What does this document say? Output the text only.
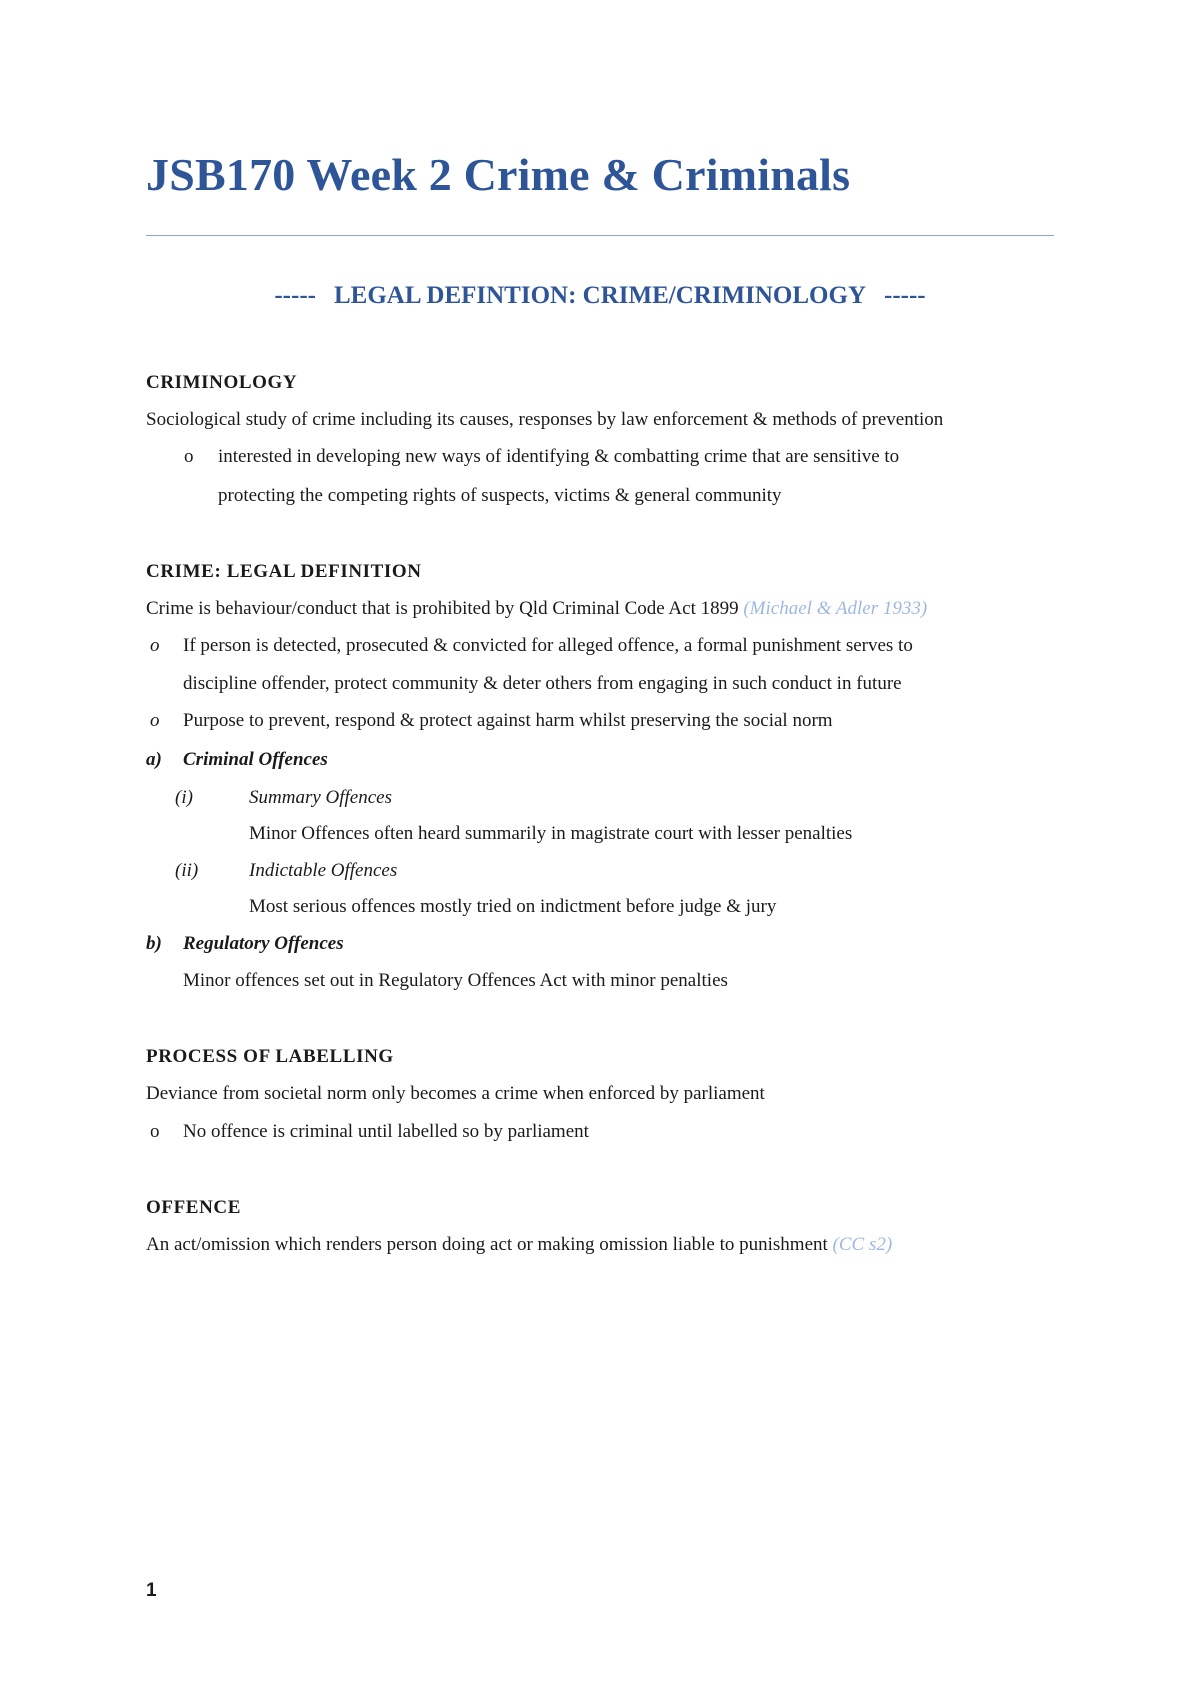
JSB170 Week 2 Crime & Criminals
----- LEGAL DEFINTION: CRIME/CRIMINOLOGY -----
CRIMINOLOGY
Sociological study of crime including its causes, responses by law enforcement & methods of prevention
o interested in developing new ways of identifying & combatting crime that are sensitive to
protecting the competing rights of suspects, victims & general community
CRIME: LEGAL DEFINITION
Crime is behaviour/conduct that is prohibited by Qld Criminal Code Act 1899 (Michael & Adler 1933)
o If person is detected, prosecuted & convicted for alleged offence, a formal punishment serves to
discipline offender, protect community & deter others from engaging in such conduct in future
o Purpose to prevent, respond & protect against harm whilst preserving the social norm
a) Criminal Offences
(i)	Summary Offences
Minor Offences often heard summarily in magistrate court with lesser penalties
(ii)	Indictable Offences
Most serious offences mostly tried on indictment before judge & jury
b) Regulatory Offences
Minor offences set out in Regulatory Offences Act with minor penalties
PROCESS OF LABELLING
Deviance from societal norm only becomes a crime when enforced by parliament
o No offence is criminal until labelled so by parliament
OFFENCE
An act/omission which renders person doing act or making omission liable to punishment (CC s2)
1
